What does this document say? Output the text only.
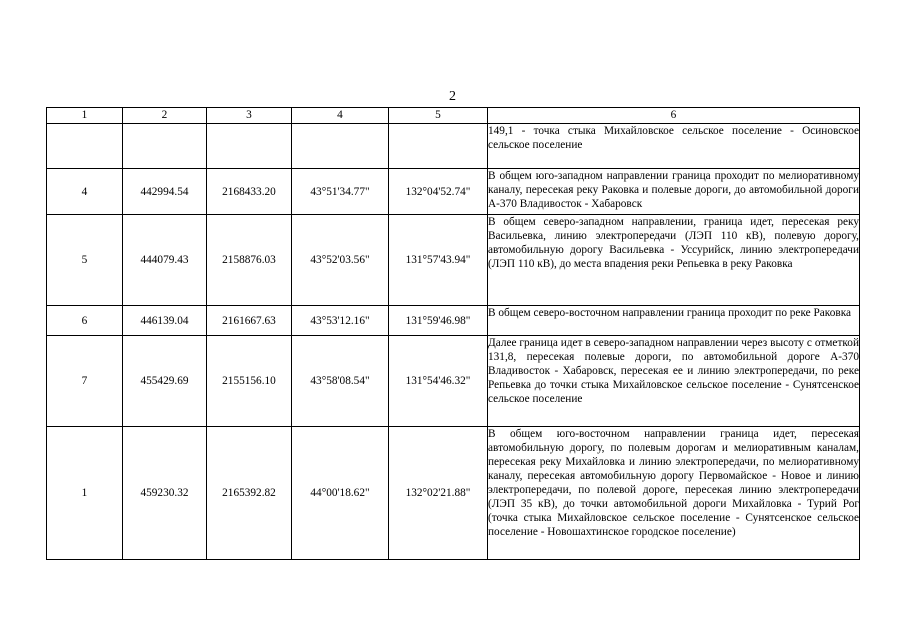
2
1	2	3	4	5	6
					149,1 - точка стыка Михайловское сельское поселение - Осиновское сельское поселение
4	442994.54	2168433.20	43°51'34.77"	132°04'52.74"	В общем юго-западном направлении граница проходит по мелиоративному каналу, пересекая реку Раковка и полевые дороги, до автомобильной дороги А-370 Владивосток - Хабаровск
5	444079.43	2158876.03	43°52'03.56"	131°57'43.94"	В общем северо-западном направлении, граница идет, пересекая реку Васильевка, линию электропередачи (ЛЭП 110 кВ), полевую дорогу, автомобильную дорогу Васильевка - Уссурийск, линию электропередачи (ЛЭП 110 кВ), до места впадения реки Репьевка в реку Раковка
6	446139.04	2161667.63	43°53'12.16"	131°59'46.98"	В общем северо-восточном направлении граница проходит по реке Раковка
7	455429.69	2155156.10	43°58'08.54"	131°54'46.32"	Далее граница идет в северо-западном направлении через высоту с отметкой 131,8, пересекая полевые дороги, по автомобильной дороге А-370 Владивосток - Хабаровск, пересекая ее и линию электропередачи, по реке Репьевка до точки стыка Михайловское сельское поселение - Сунятсенское сельское поселение
1	459230.32	2165392.82	44°00'18.62"	132°02'21.88"	В общем юго-восточном направлении граница идет, пересекая автомобильную дорогу, по полевым дорогам и мелиоративным каналам, пересекая реку Михайловка и линию электропередачи, по мелиоративному каналу, пересекая автомобильную дорогу Первомайское - Новое и линию электропередачи, по полевой дороге, пересекая линию электропередачи (ЛЭП 35 кВ), до точки автомобильной дороги Михайловка - Турий Рог (точка стыка Михайловское сельское поселение - Сунятсенское сельское поселение - Новошахтинское городское поселение)
